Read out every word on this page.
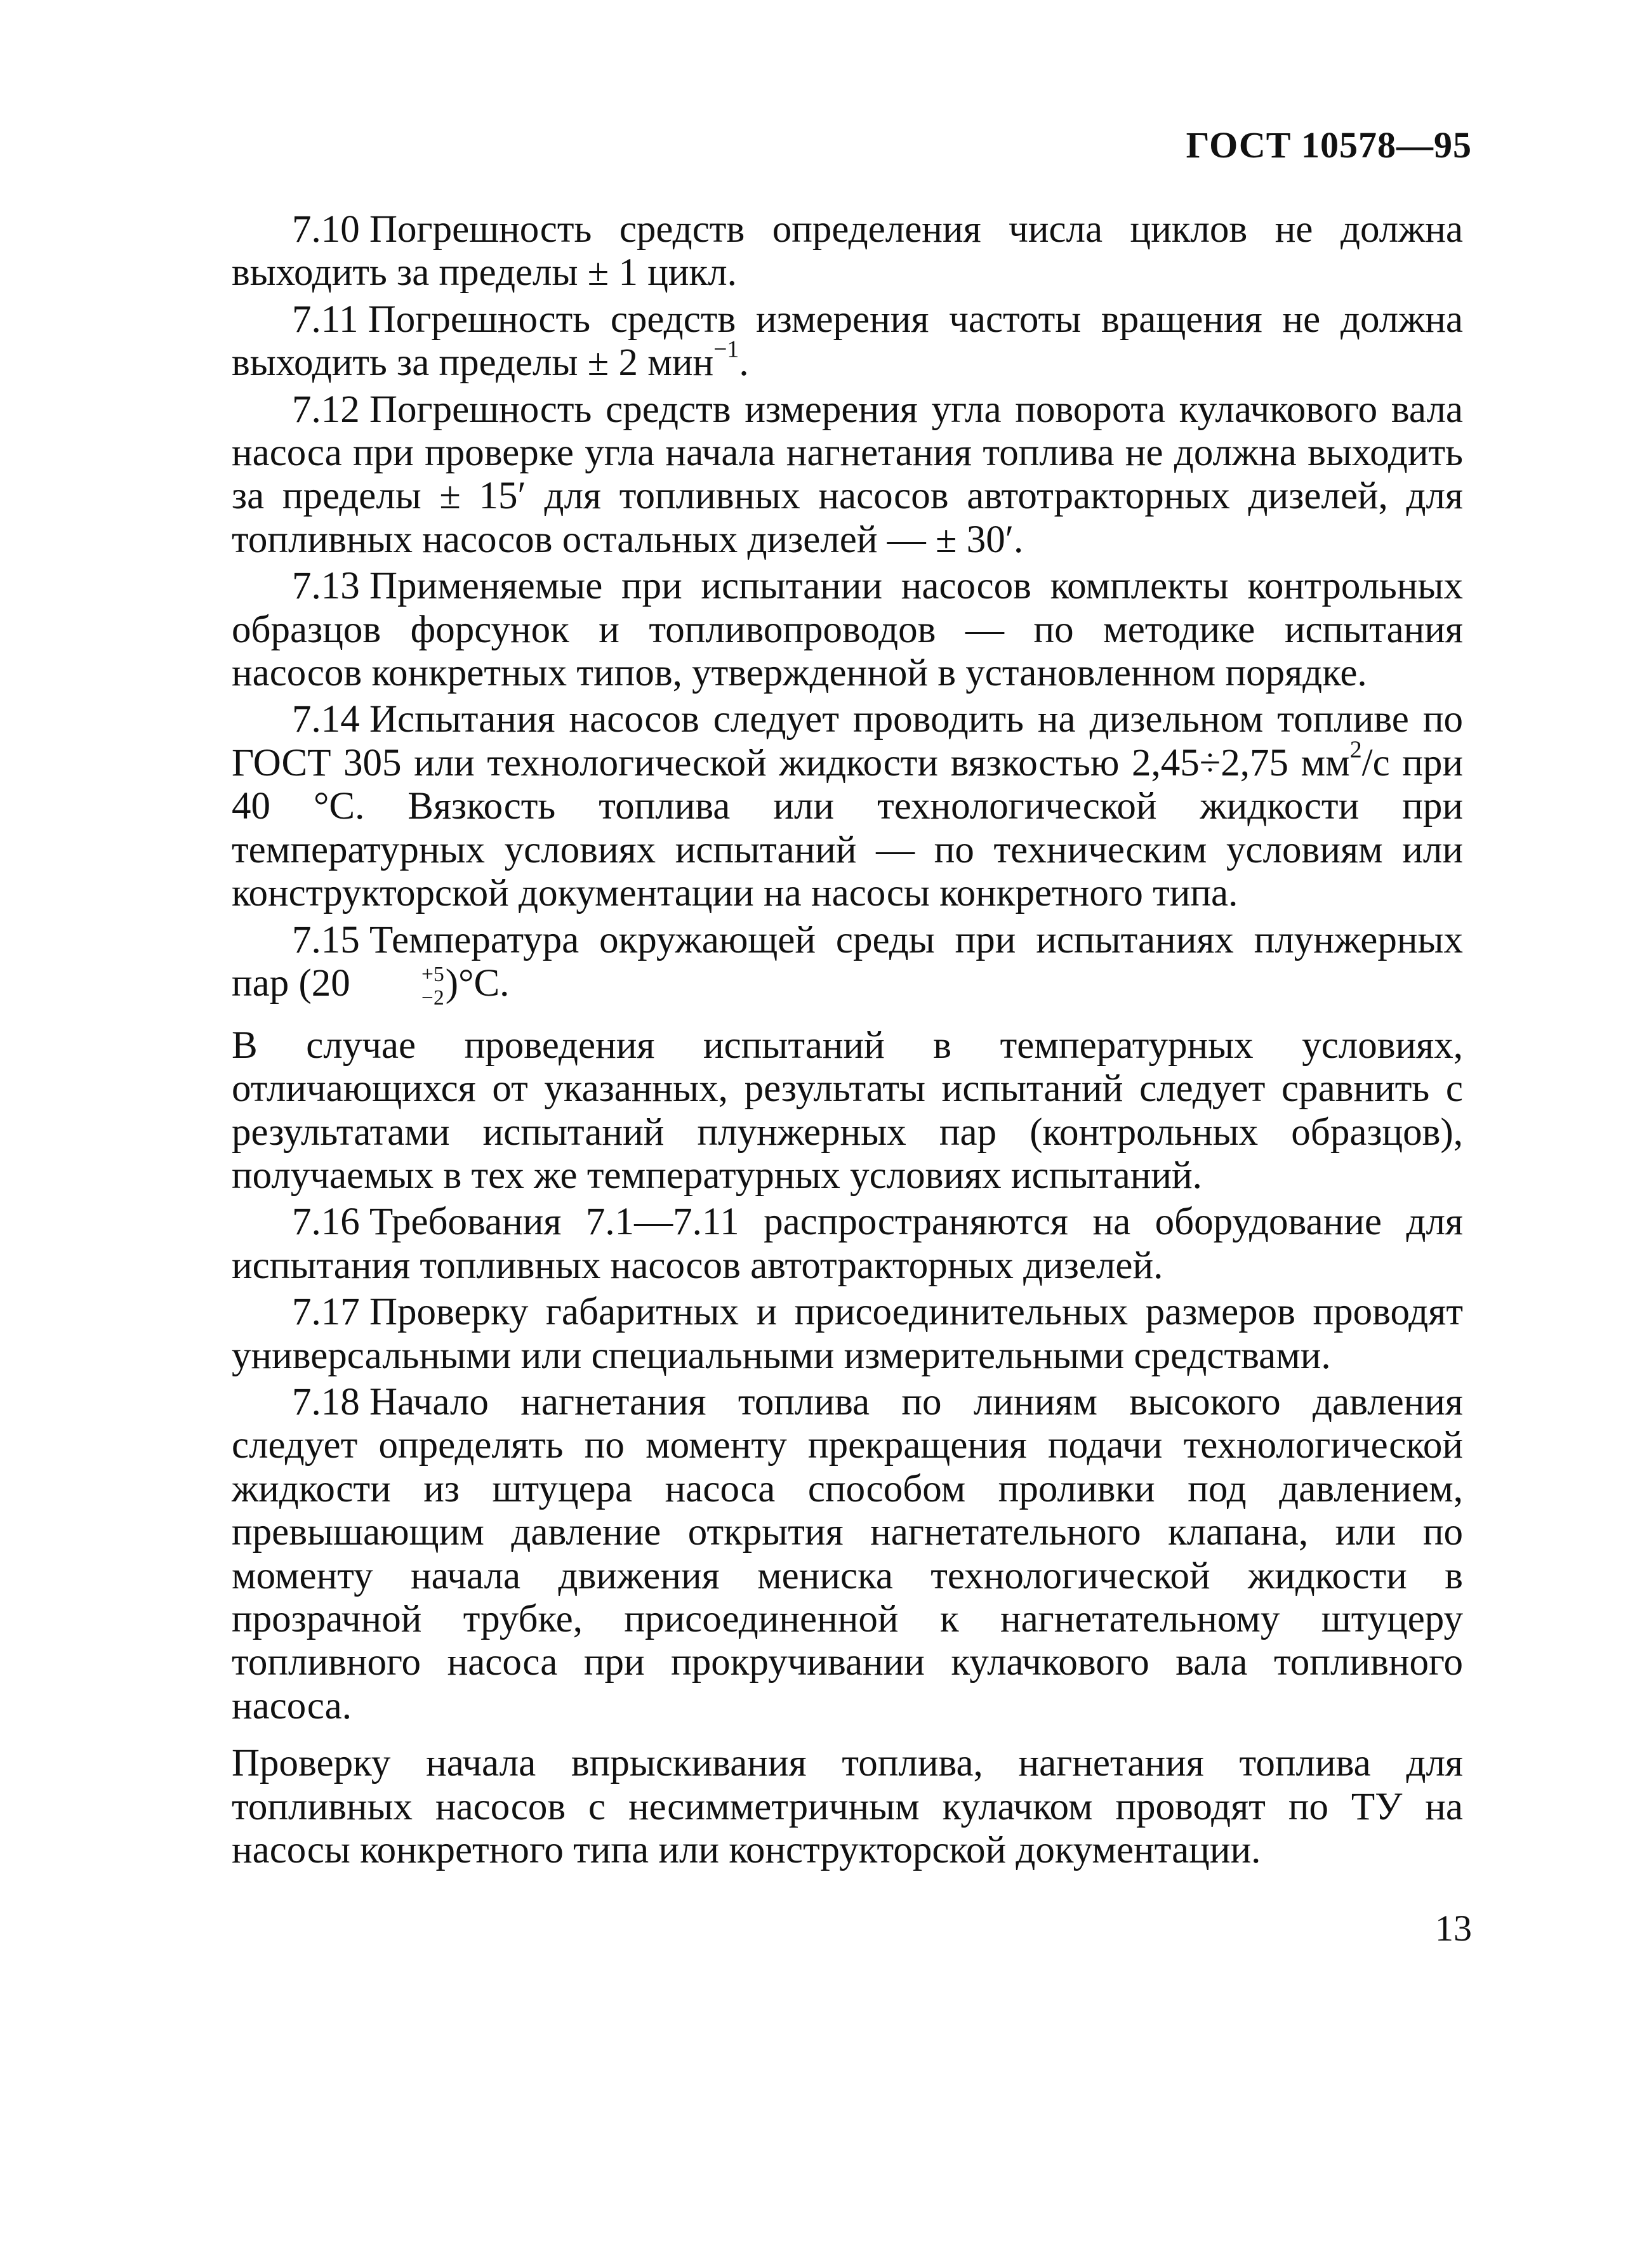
ГОСТ 10578—95

7.10 Погрешность средств определения числа циклов не должна выходить за пределы ± 1 цикл.

7.11 Погрешность средств измерения частоты вращения не должна выходить за пределы ± 2 мин$^{-1}$.

7.12 Погрешность средств измерения угла поворота кулачкового вала насоса при проверке угла начала нагнетания топлива не должна выходить за пределы ± 15′ для топливных насосов автотракторных дизелей, для топливных насосов остальных дизелей — ± 30′.

7.13 Применяемые при испытании насосов комплекты контрольных образцов форсунок и топливопроводов — по методике испытания насосов конкретных типов, утвержденной в установленном порядке.

7.14 Испытания насосов следует проводить на дизельном топливе по ГОСТ 305 или технологической жидкости вязкостью 2,45÷2,75 $мм^2/с$ при 40 °С. Вязкость топлива или технологической жидкости при температурных условиях испытаний — по техническим условиям или конструкторской документации на насосы конкретного типа.

7.15 Температура окружающей среды при испытаниях плунжерных пар (20	+5
−2 )°С.

В случае проведения испытаний в температурных условиях, отличающихся от указанных, результаты испытаний следует сравнить с результатами испытаний плунжерных пар (контрольных образцов), получаемых в тех же температурных условиях испытаний.

7.16 Требования 7.1—7.11 распространяются на оборудование для испытания топливных насосов автотракторных дизелей.

7.17 Проверку габаритных и присоединительных размеров проводят универсальными или специальными измерительными средствами.

7.18 Начало нагнетания топлива по линиям высокого давления следует определять по моменту прекращения подачи технологической жидкости из штуцера насоса способом проливки под давлением, превышающим давление открытия нагнетательного клапана, или по моменту начала движения мениска технологической жидкости в прозрачной трубке, присоединенной к нагнетательному штуцеру топливного насоса при прокручивании кулачкового вала топливного насоса.

Проверку начала впрыскивания топлива, нагнетания топлива для топливных насосов с несимметричным кулачком проводят по ТУ на насосы конкретного типа или конструкторской документации.

13
